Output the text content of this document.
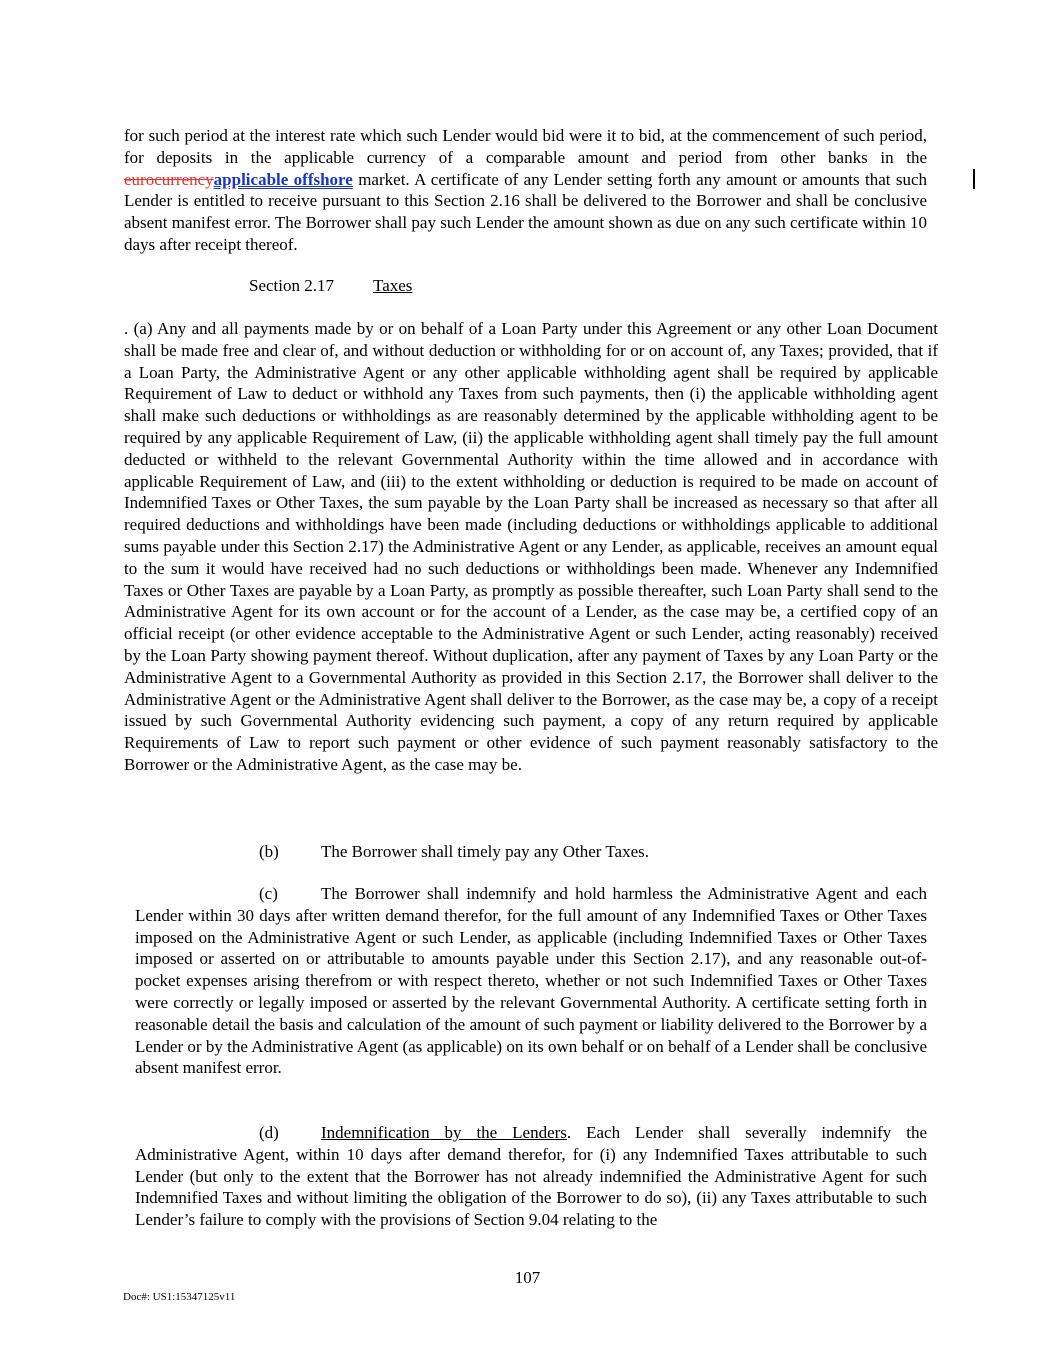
for such period at the interest rate which such Lender would bid were it to bid, at the commencement of such period, for deposits in the applicable currency of a comparable amount and period from other banks in the eurocurrencyapplicable offshore market. A certificate of any Lender setting forth any amount or amounts that such Lender is entitled to receive pursuant to this Section 2.16 shall be delivered to the Borrower and shall be conclusive absent manifest error. The Borrower shall pay such Lender the amount shown as due on any such certificate within 10 days after receipt thereof.

Section 2.17 Taxes

. (a) Any and all payments made by or on behalf of a Loan Party under this Agreement or any other Loan Document shall be made free and clear of, and without deduction or withholding for or on account of, any Taxes; provided, that if a Loan Party, the Administrative Agent or any other applicable withholding agent shall be required by applicable Requirement of Law to deduct or withhold any Taxes from such payments, then (i) the applicable withholding agent shall make such deductions or withholdings as are reasonably determined by the applicable withholding agent to be required by any applicable Requirement of Law, (ii) the applicable withholding agent shall timely pay the full amount deducted or withheld to the relevant Governmental Authority within the time allowed and in accordance with applicable Requirement of Law, and (iii) to the extent withholding or deduction is required to be made on account of Indemnified Taxes or Other Taxes, the sum payable by the Loan Party shall be increased as necessary so that after all required deductions and withholdings have been made (including deductions or withholdings applicable to additional sums payable under this Section 2.17) the Administrative Agent or any Lender, as applicable, receives an amount equal to the sum it would have received had no such deductions or withholdings been made. Whenever any Indemnified Taxes or Other Taxes are payable by a Loan Party, as promptly as possible thereafter, such Loan Party shall send to the Administrative Agent for its own account or for the account of a Lender, as the case may be, a certified copy of an official receipt (or other evidence acceptable to the Administrative Agent or such Lender, acting reasonably) received by the Loan Party showing payment thereof. Without duplication, after any payment of Taxes by any Loan Party or the Administrative Agent to a Governmental Authority as provided in this Section 2.17, the Borrower shall deliver to the Administrative Agent or the Administrative Agent shall deliver to the Borrower, as the case may be, a copy of a receipt issued by such Governmental Authority evidencing such payment, a copy of any return required by applicable Requirements of Law to report such payment or other evidence of such payment reasonably satisfactory to the Borrower or the Administrative Agent, as the case may be.

(b) The Borrower shall timely pay any Other Taxes.

(c)	The Borrower shall indemnify and hold harmless the Administrative Agent and each Lender within 30 days after written demand therefor, for the full amount of any Indemnified Taxes or Other Taxes imposed on the Administrative Agent or such Lender, as applicable (including Indemnified Taxes or Other Taxes imposed or asserted on or attributable to amounts payable under this Section 2.17), and any reasonable out-of-pocket expenses arising therefrom or with respect thereto, whether or not such Indemnified Taxes or Other Taxes were correctly or legally imposed or asserted by the relevant Governmental Authority. A certificate setting forth in reasonable detail the basis and calculation of the amount of such payment or liability delivered to the Borrower by a Lender or by the Administrative Agent (as applicable) on its own behalf or on behalf of a Lender shall be conclusive absent manifest error.

(d) Indemnification by the Lenders. Each Lender shall severally indemnify the Administrative Agent, within 10 days after demand therefor, for (i) any Indemnified Taxes attributable to such Lender (but only to the extent that the Borrower has not already indemnified the Administrative Agent for such Indemnified Taxes and without limiting the obligation of the Borrower to do so), (ii) any Taxes attributable to such Lender’s failure to comply with the provisions of Section 9.04 relating to the

107
Doc#: US1:15347125v11
